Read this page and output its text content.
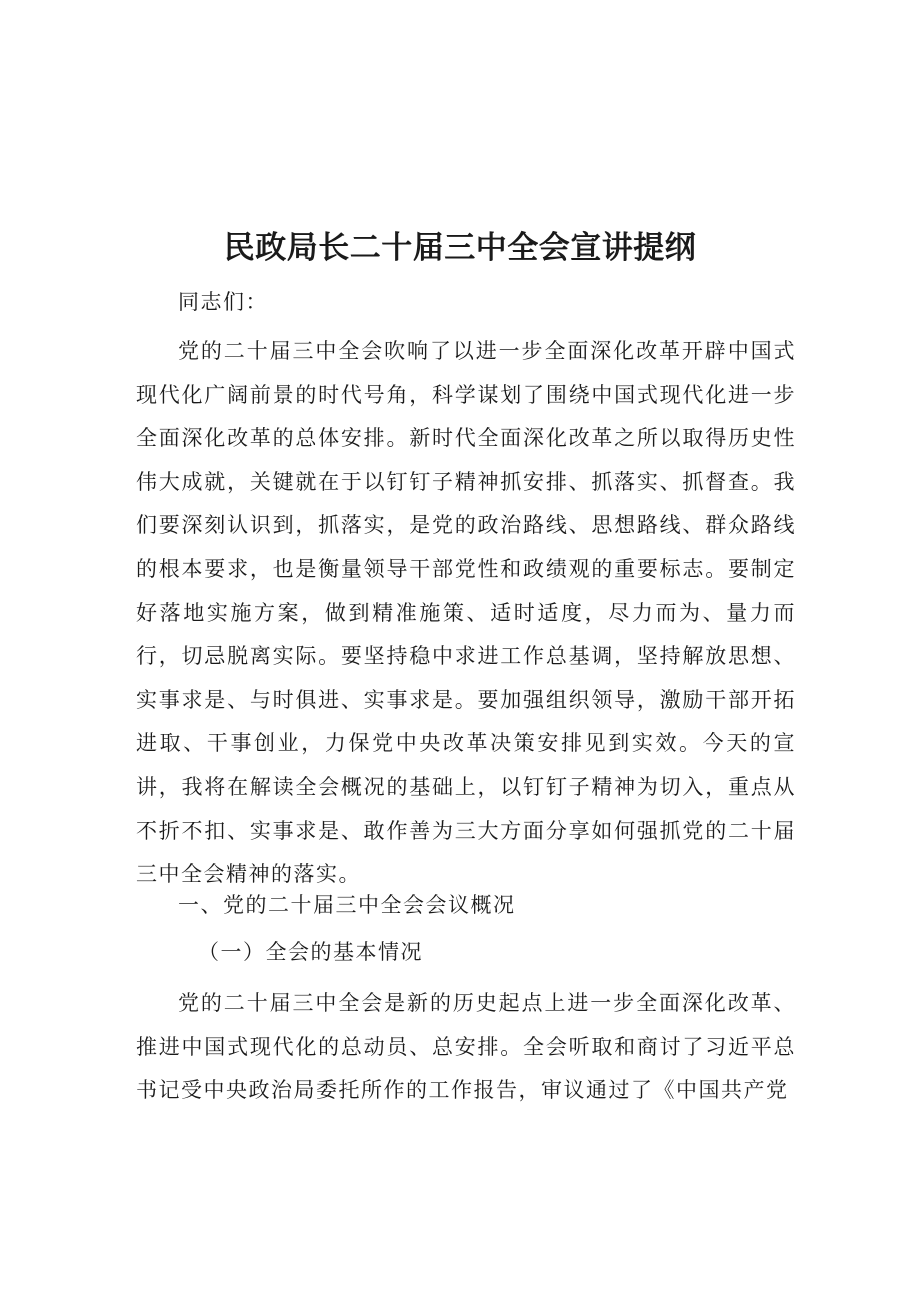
民政局长二十届三中全会宣讲提纲

同志们：

党的二十届三中全会吹响了以进一步全面深化改革开辟中国式现代化广阔前景的时代号角，科学谋划了围绕中国式现代化进一步全面深化改革的总体安排。新时代全面深化改革之所以取得历史性伟大成就，关键就在于以钉钉子精神抓安排、抓落实、抓督查。我们要深刻认识到，抓落实，是党的政治路线、思想路线、群众路线的根本要求，也是衡量领导干部党性和政绩观的重要标志。要制定好落地实施方案，做到精准施策、适时适度，尽力而为、量力而行，切忌脱离实际。要坚持稳中求进工作总基调，坚持解放思想、实事求是、与时俱进、实事求是。要加强组织领导，激励干部开拓进取、干事创业，力保党中央改革决策安排见到实效。今天的宣讲，我将在解读全会概况的基础上，以钉钉子精神为切入，重点从不折不扣、实事求是、敢作善为三大方面分享如何强抓党的二十届三中全会精神的落实。

一、党的二十届三中全会会议概况

（一）全会的基本情况

党的二十届三中全会是新的历史起点上进一步全面深化改革、推进中国式现代化的总动员、总安排。全会听取和商讨了习近平总书记受中央政治局委托所作的工作报告，审议通过了《中国共产党
